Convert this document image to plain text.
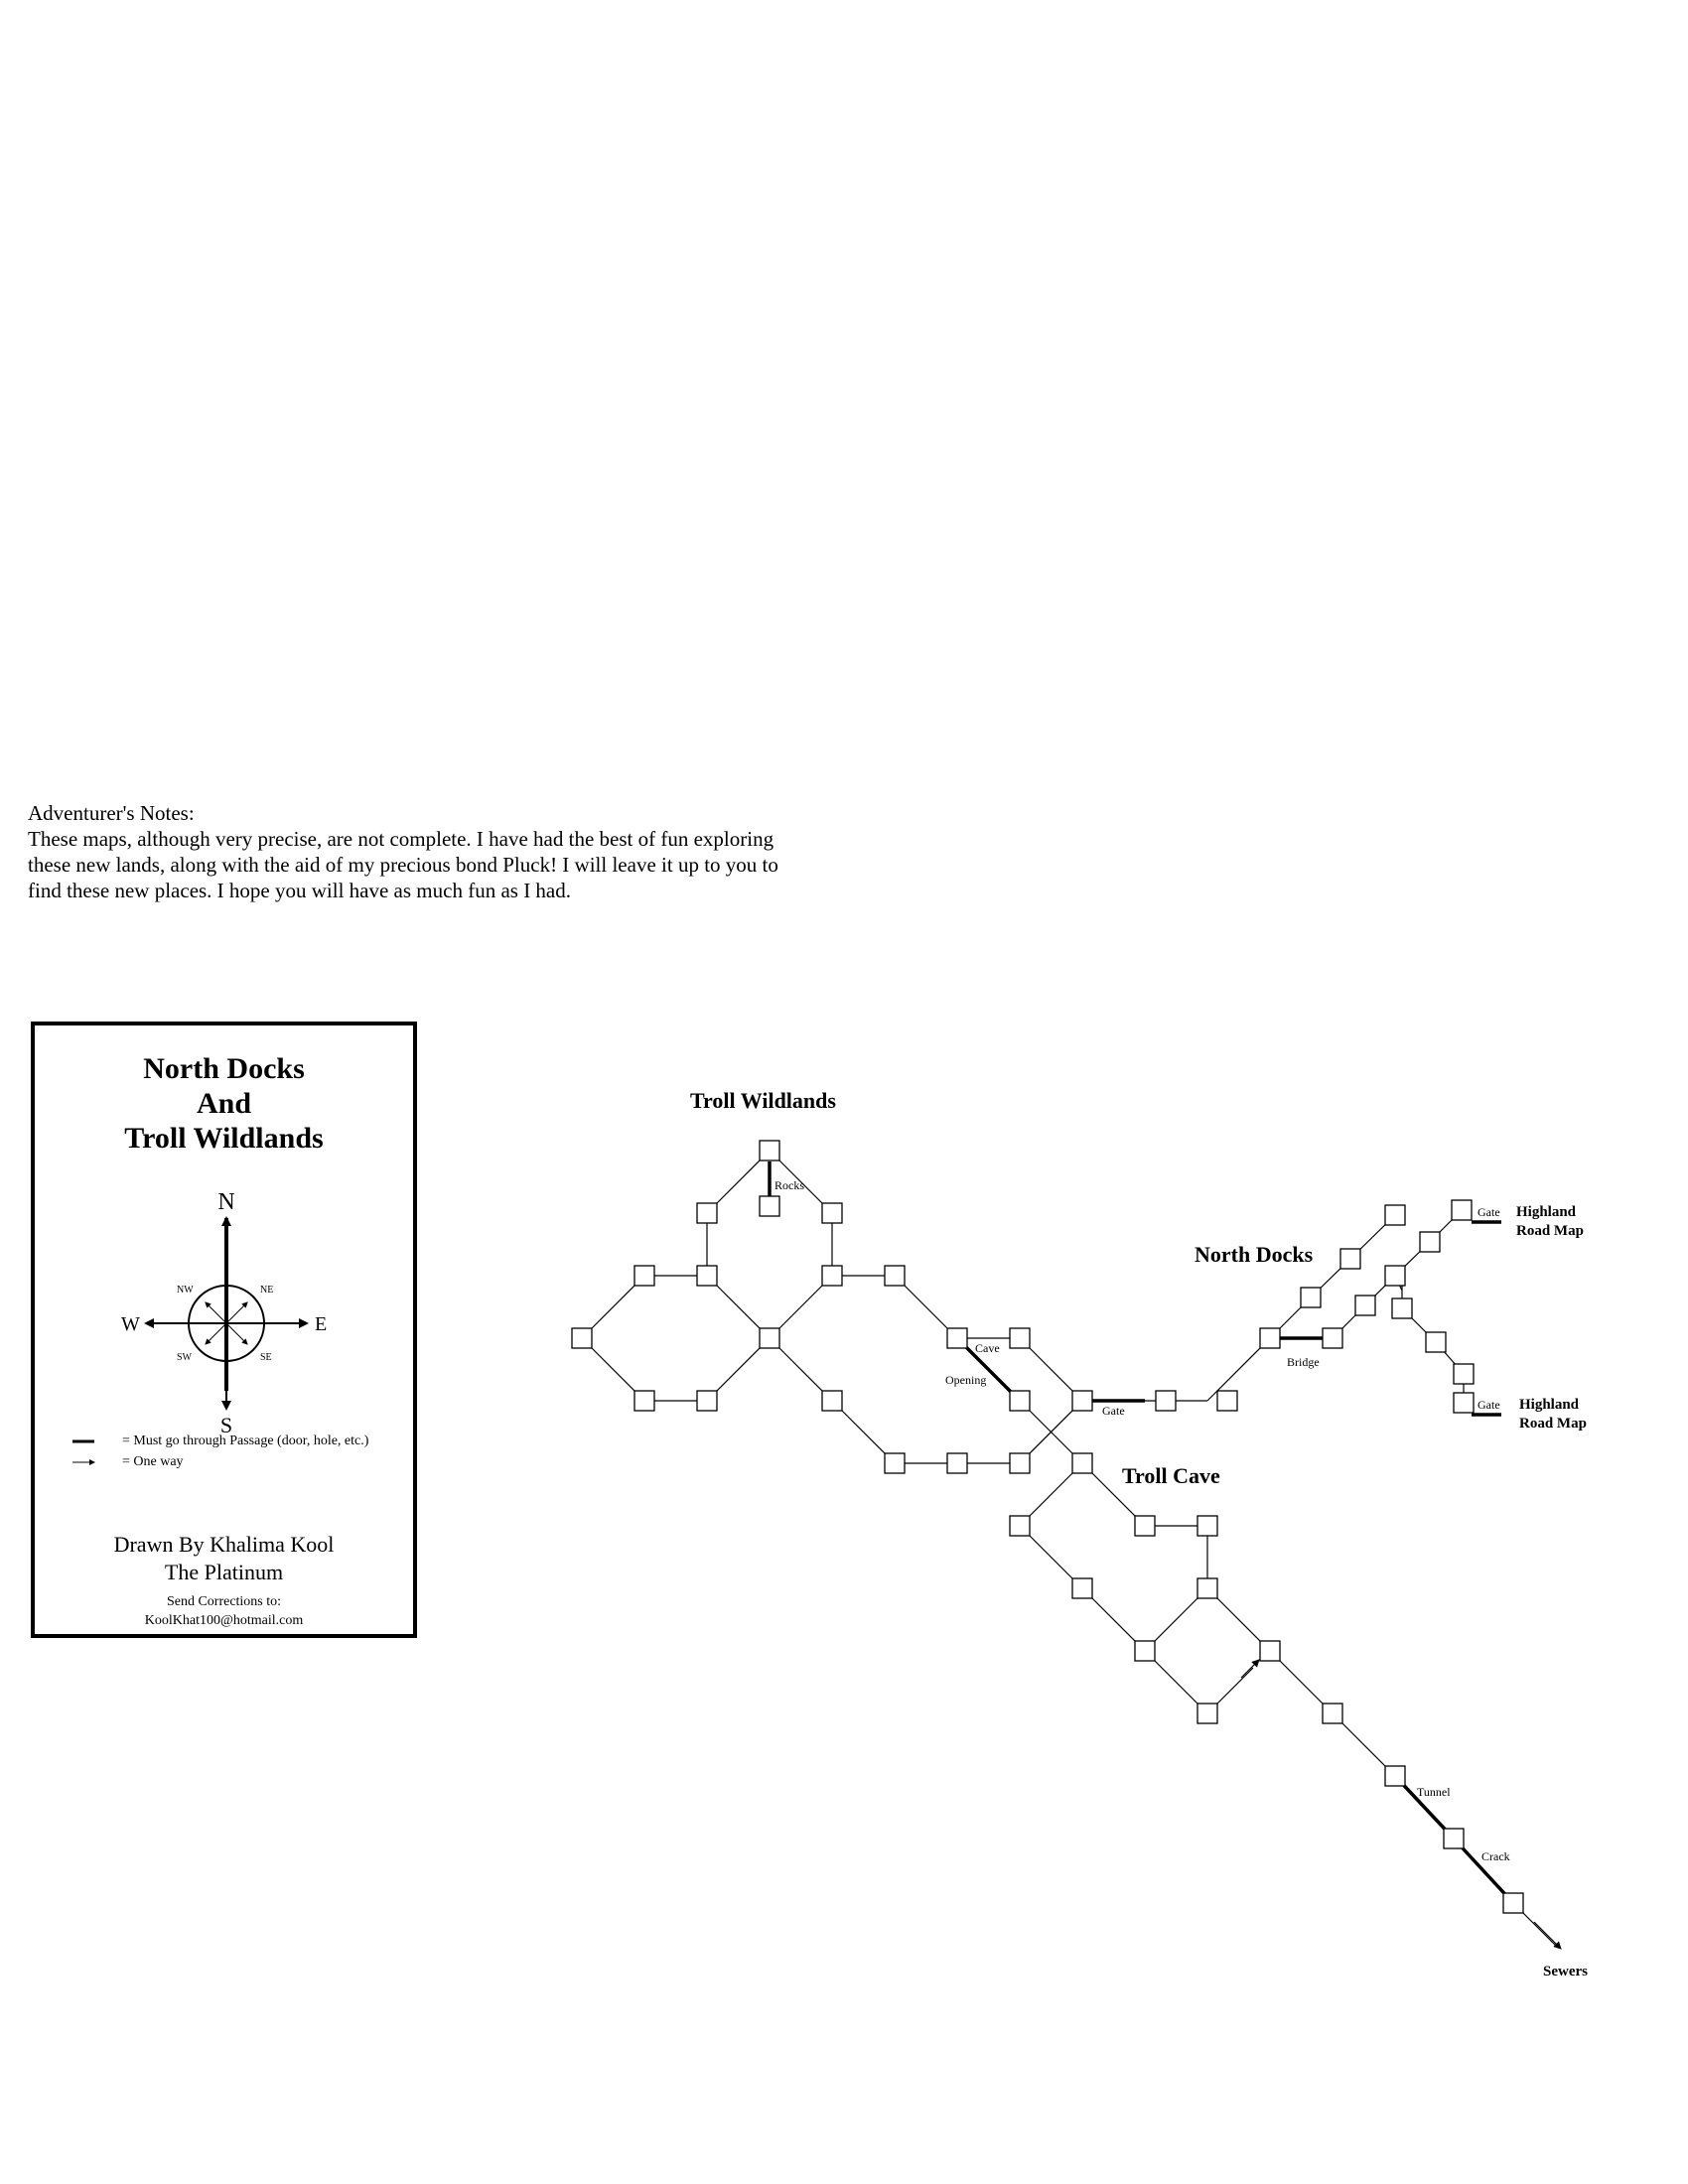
Adventurer's Notes:
These maps, although very precise, are not complete. I have had the best of fun exploring
these new lands, along with the aid of my precious bond Pluck! I will leave it up to you to
find these new places. I hope you will have as much fun as I had.
North Docks
And
Troll Wildlands
N
S
E
W
NE
NW
SE
SW
= Must go through Passage (door, hole, etc.)
= One way
Drawn By Khalima Kool
The Platinum
Send Corrections to:
KoolKhat100@hotmail.com
Rocks
Cave
Opening
Gate
Bridge
Gate
Gate
Tunnel
Crack
Highland
Road Map
Highland
Road Map
Sewers
Troll Wildlands
North Docks
Troll Cave
